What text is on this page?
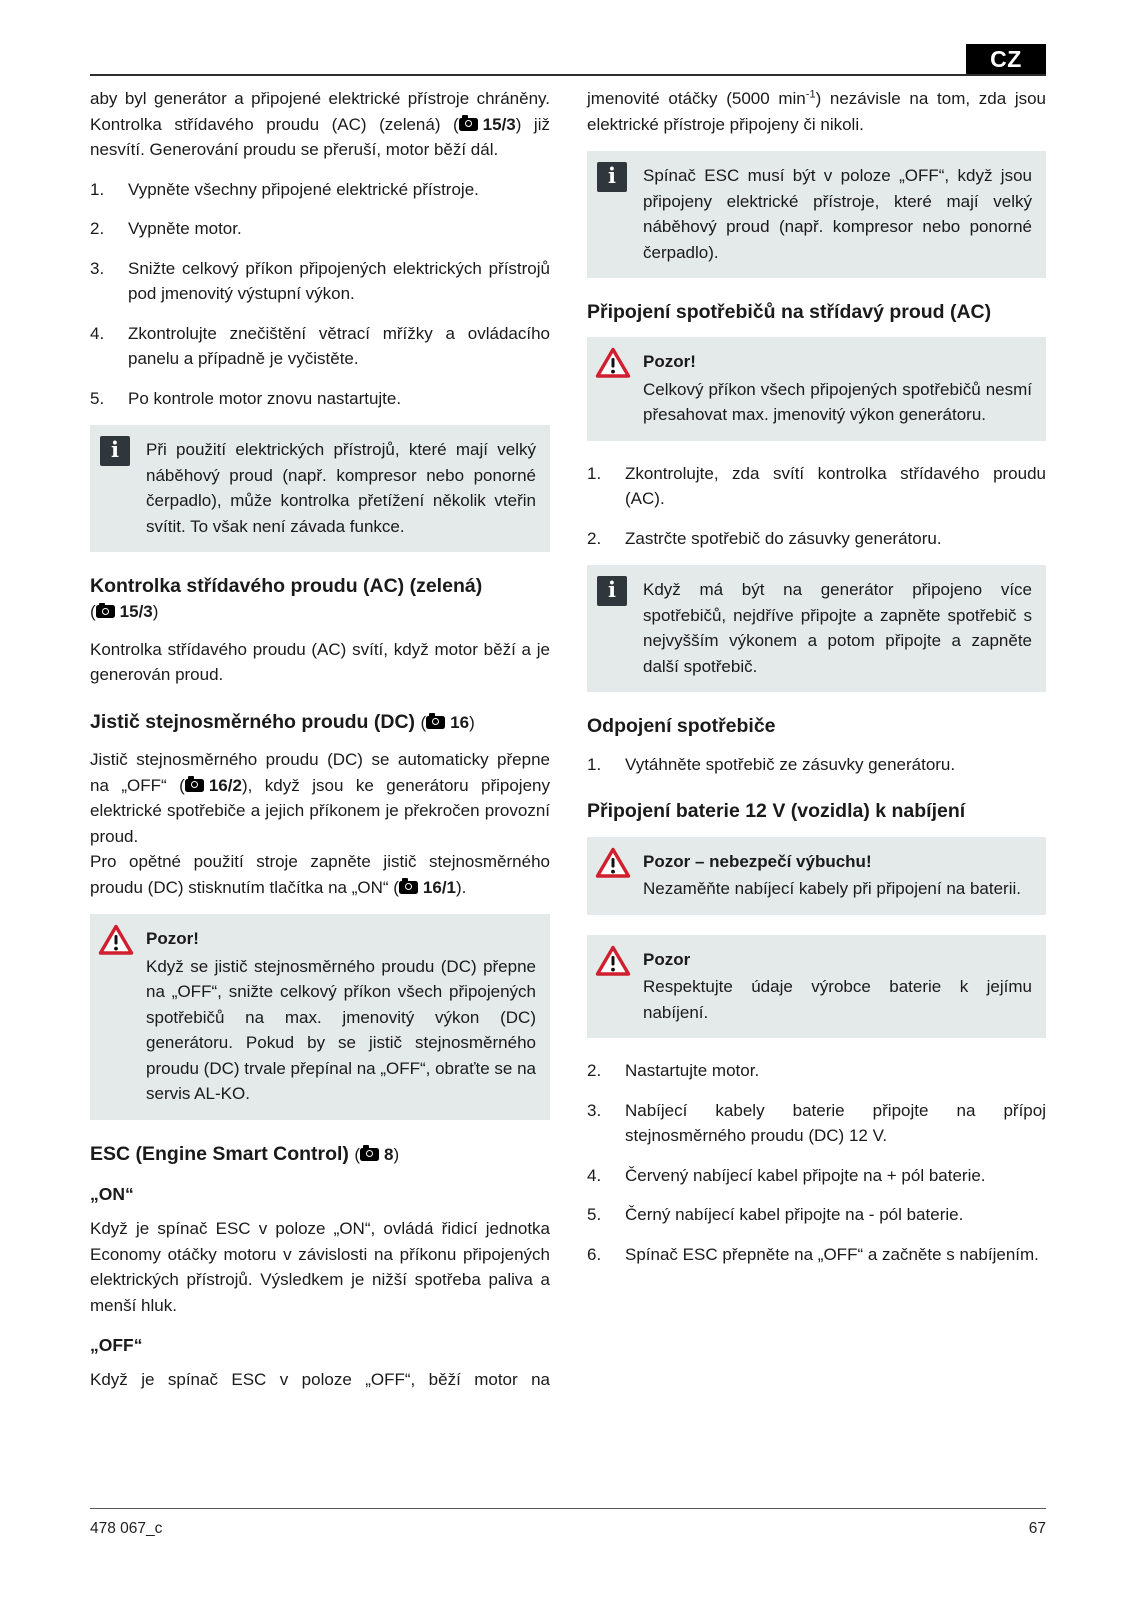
CZ

aby byl generátor a připojené elektrické přístroje chráněny. Kontrolka střídavého proudu (AC) (zelená) ( 15/3) již nesvítí. Generování proudu se přeruší, motor běží dál.

1. Vypněte všechny připojené elektrické přístroje.
2. Vypněte motor.
3. Snižte celkový příkon připojených elektrických přístrojů pod jmenovitý výstupní výkon.
4. Zkontrolujte znečištění větrací mřížky a ovládacího panelu a případně je vyčistěte.
5. Po kontrole motor znovu nastartujte.
i

Při použití elektrických přístrojů, které mají velký náběhový proud (např. kompresor nebo ponorné čerpadlo), může kontrolka přetížení několik vteřin svítit. To však není závada funkce.

Kontrolka střídavého proudu (AC) (zelená)
( 15/3)

Kontrolka střídavého proudu (AC) svítí, když motor běží a je generován proud.

Jistič stejnosměrného proudu (DC) ( 16)

Jistič stejnosměrného proudu (DC) se automaticky přepne na „OFF“ ( 16/2), když jsou ke generátoru připojeny elektrické spotřebiče a jejich příkonem je překročen provozní proud.

Pro opětné použití stroje zapněte jistič stejnosměrného proudu (DC) stisknutím tlačítka na „ON“ ( 16/1).

Pozor!

Když se jistič stejnosměrného proudu (DC) přepne na „OFF“, snižte celkový příkon všech připojených spotřebičů na max. jmenovitý výkon (DC) generátoru. Pokud by se jistič stejnosměrného proudu (DC) trvale přepínal na „OFF“, obraťte se na servis AL-KO.

ESC (Engine Smart Control) ( 8)
„ON“

Když je spínač ESC v poloze „ON“, ovládá řidicí jednotka Economy otáčky motoru v závislosti na příkonu připojených elektrických přístrojů. Výsledkem je nižší spotřeba paliva a menší hluk.

„OFF“

Když je spínač ESC v poloze „OFF“, běží motor na

jmenovité otáčky (5000 $\min^{-1}$) nezávisle na tom, zda jsou elektrické přístroje připojeny či nikoli.

i

Spínač ESC musí být v poloze „OFF“, když jsou připojeny elektrické přístroje, které mají velký náběhový proud (např. kompresor nebo ponorné čerpadlo).

Připojení spotřebičů na střídavý proud (AC)

Pozor!

Celkový příkon všech připojených spotřebičů nesmí přesahovat max. jmenovitý výkon generátoru.

1. Zkontrolujte, zda svítí kontrolka střídavého proudu (AC).
2. Zastrčte spotřebič do zásuvky generátoru.
i

Když má být na generátor připojeno více spotřebičů, nejdříve připojte a zapněte spotřebič s nejvyšším výkonem a potom připojte a zapněte další spotřebič.

Odpojení spotřebiče
1. Vytáhněte spotřebič ze zásuvky generátoru.
Připojení baterie 12 V (vozidla) k nabíjení

Pozor – nebezpečí výbuchu!

Nezaměňte nabíjecí kabely při připojení na baterii.

Pozor

Respektujte údaje výrobce baterie k jejímu nabíjení.

2. Nastartujte motor.
3. Nabíjecí kabely baterie připojte na přípoj stejnosměrného proudu (DC) 12 V.
4. Červený nabíjecí kabel připojte na + pól baterie.
5. Černý nabíjecí kabel připojte na - pól baterie.
6. Spínač ESC přepněte na „OFF“ a začněte s nabíjením.
478 067_c	67
